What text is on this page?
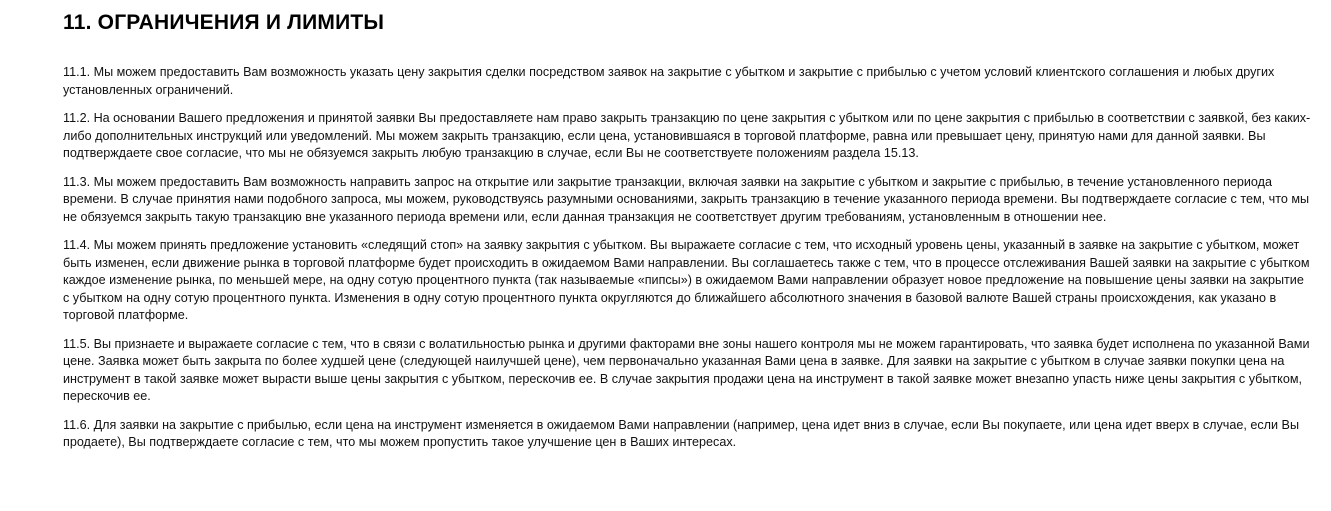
11. ОГРАНИЧЕНИЯ И ЛИМИТЫ

11.1. Мы можем предоставить Вам возможность указать цену закрытия сделки посредством заявок на закрытие с убытком и закрытие с прибылью с учетом условий клиентского соглашения и любых других установленных ограничений.

11.2. На основании Вашего предложения и принятой заявки Вы предоставляете нам право закрыть транзакцию по цене закрытия с убытком или по цене закрытия с прибылью в соответствии с заявкой, без каких-либо дополнительных инструкций или уведомлений. Мы можем закрыть транзакцию, если цена, установившаяся в торговой платформе, равна или превышает цену, принятую нами для данной заявки. Вы подтверждаете свое согласие, что мы не обязуемся закрыть любую транзакцию в случае, если Вы не соответствуете положениям раздела 15.13.

11.3. Мы можем предоставить Вам возможность направить запрос на открытие или закрытие транзакции, включая заявки на закрытие с убытком и закрытие с прибылью, в течение установленного периода времени. В случае принятия нами подобного запроса, мы можем, руководствуясь разумными основаниями, закрыть транзакцию в течение указанного периода времени. Вы подтверждаете согласие с тем, что мы не обязуемся закрыть такую транзакцию вне указанного периода времени или, если данная транзакция не соответствует другим требованиям, установленным в отношении нее.

11.4. Мы можем принять предложение установить «следящий стоп» на заявку закрытия с убытком. Вы выражаете согласие с тем, что исходный уровень цены, указанный в заявке на закрытие с убытком, может быть изменен, если движение рынка в торговой платформе будет происходить в ожидаемом Вами направлении. Вы соглашаетесь также с тем, что в процессе отслеживания Вашей заявки на закрытие с убытком каждое изменение рынка, по меньшей мере, на одну сотую процентного пункта (так называемые «пипсы») в ожидаемом Вами направлении образует новое предложение на повышение цены заявки на закрытие с убытком на одну сотую процентного пункта. Изменения в одну сотую процентного пункта округляются до ближайшего абсолютного значения в базовой валюте Вашей страны происхождения, как указано в торговой платформе.

11.5. Вы признаете и выражаете согласие с тем, что в связи с волатильностью рынка и другими факторами вне зоны нашего контроля мы не можем гарантировать, что заявка будет исполнена по указанной Вами цене. Заявка может быть закрыта по более худшей цене (следующей наилучшей цене), чем первоначально указанная Вами цена в заявке. Для заявки на закрытие с убытком в случае заявки покупки цена на инструмент в такой заявке может вырасти выше цены закрытия с убытком, перескочив ее. В случае закрытия продажи цена на инструмент в такой заявке может внезапно упасть ниже цены закрытия с убытком, перескочив ее.

11.6. Для заявки на закрытие с прибылью, если цена на инструмент изменяется в ожидаемом Вами направлении (например, цена идет вниз в случае, если Вы покупаете, или цена идет вверх в случае, если Вы продаете), Вы подтверждаете согласие с тем, что мы можем пропустить такое улучшение цен в Ваших интересах.
